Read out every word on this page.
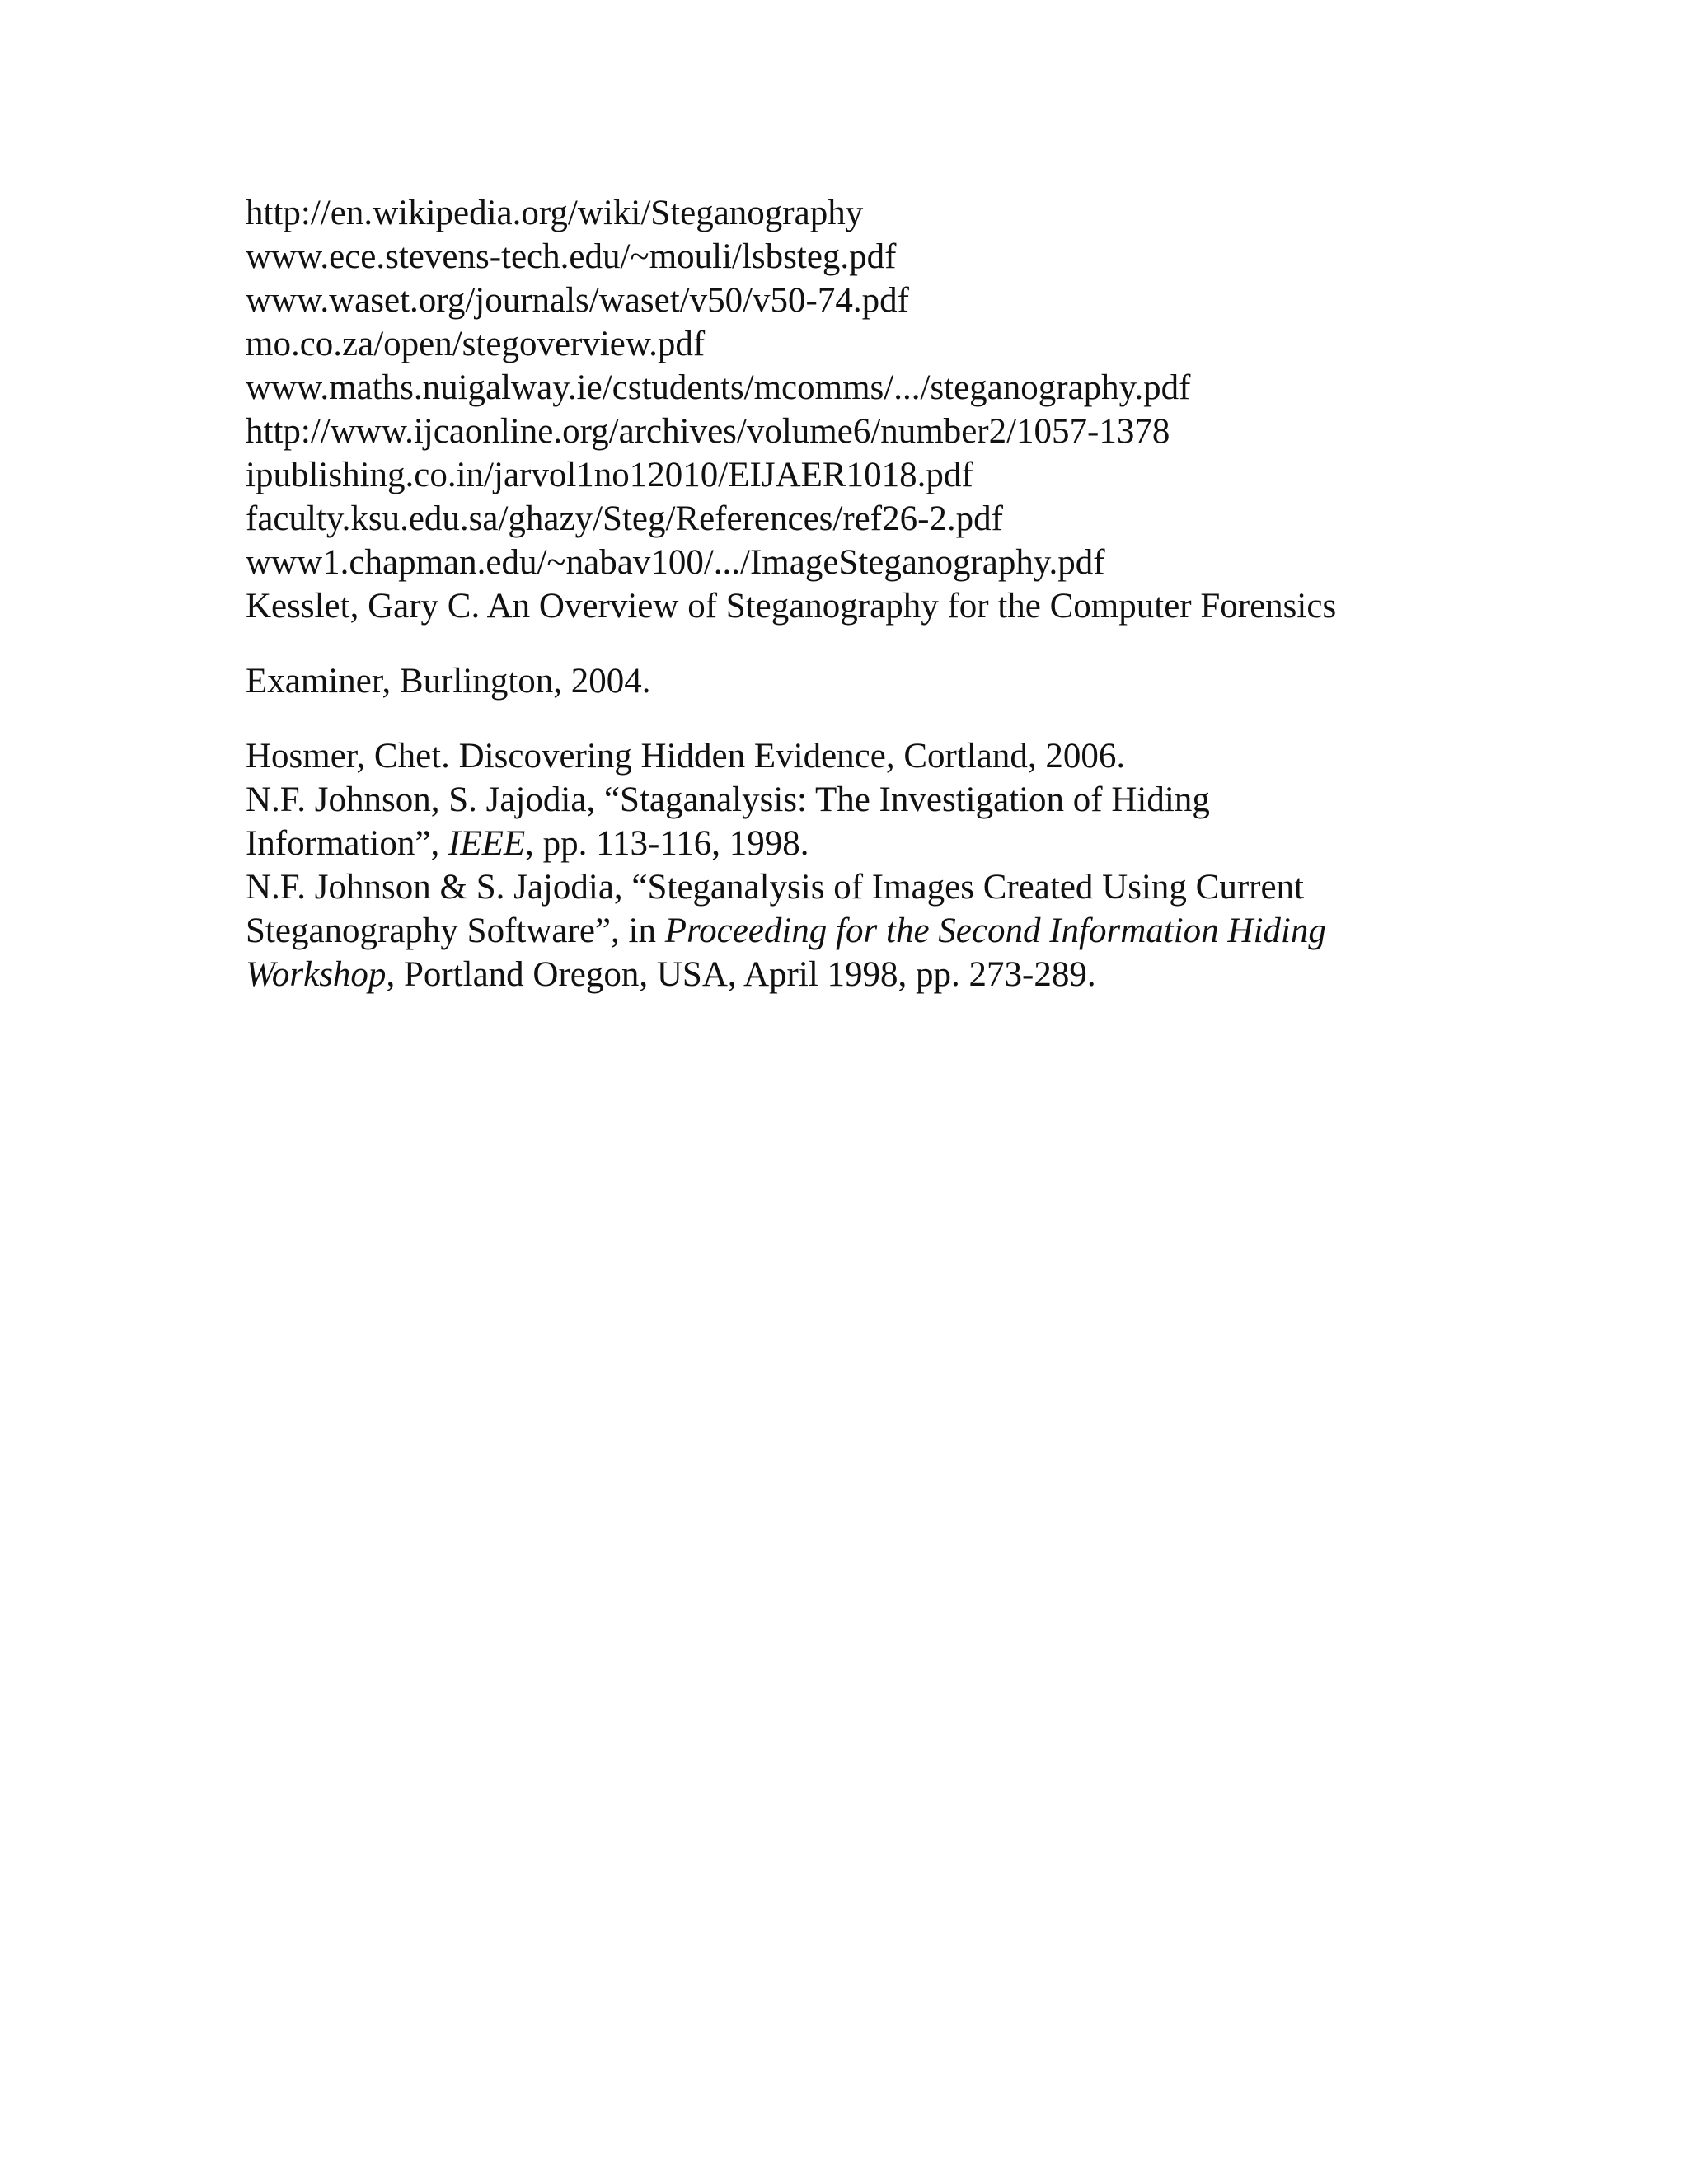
http://en.wikipedia.org/wiki/Steganography
www.ece.stevens-tech.edu/~mouli/lsbsteg.pdf
www.waset.org/journals/waset/v50/v50-74.pdf
mo.co.za/open/stegoverview.pdf
www.maths.nuigalway.ie/cstudents/mcomms/.../steganography.pdf
http://www.ijcaonline.org/archives/volume6/number2/1057-1378
ipublishing.co.in/jarvol1no12010/EIJAER1018.pdf
faculty.ksu.edu.sa/ghazy/Steg/References/ref26-2.pdf
www1.chapman.edu/~nabav100/.../ImageSteganography.pdf
Kesslet, Gary C. An Overview of Steganography for the Computer Forensics
Examiner, Burlington, 2004.
Hosmer, Chet. Discovering Hidden Evidence, Cortland, 2006.
N.F. Johnson, S. Jajodia, “Staganalysis: The Investigation of Hiding
Information”, IEEE, pp. 113-116, 1998.
N.F. Johnson & S. Jajodia, “Steganalysis of Images Created Using Current
Steganography Software”, in Proceeding for the Second Information Hiding
Workshop, Portland Oregon, USA, April 1998, pp. 273-289.
